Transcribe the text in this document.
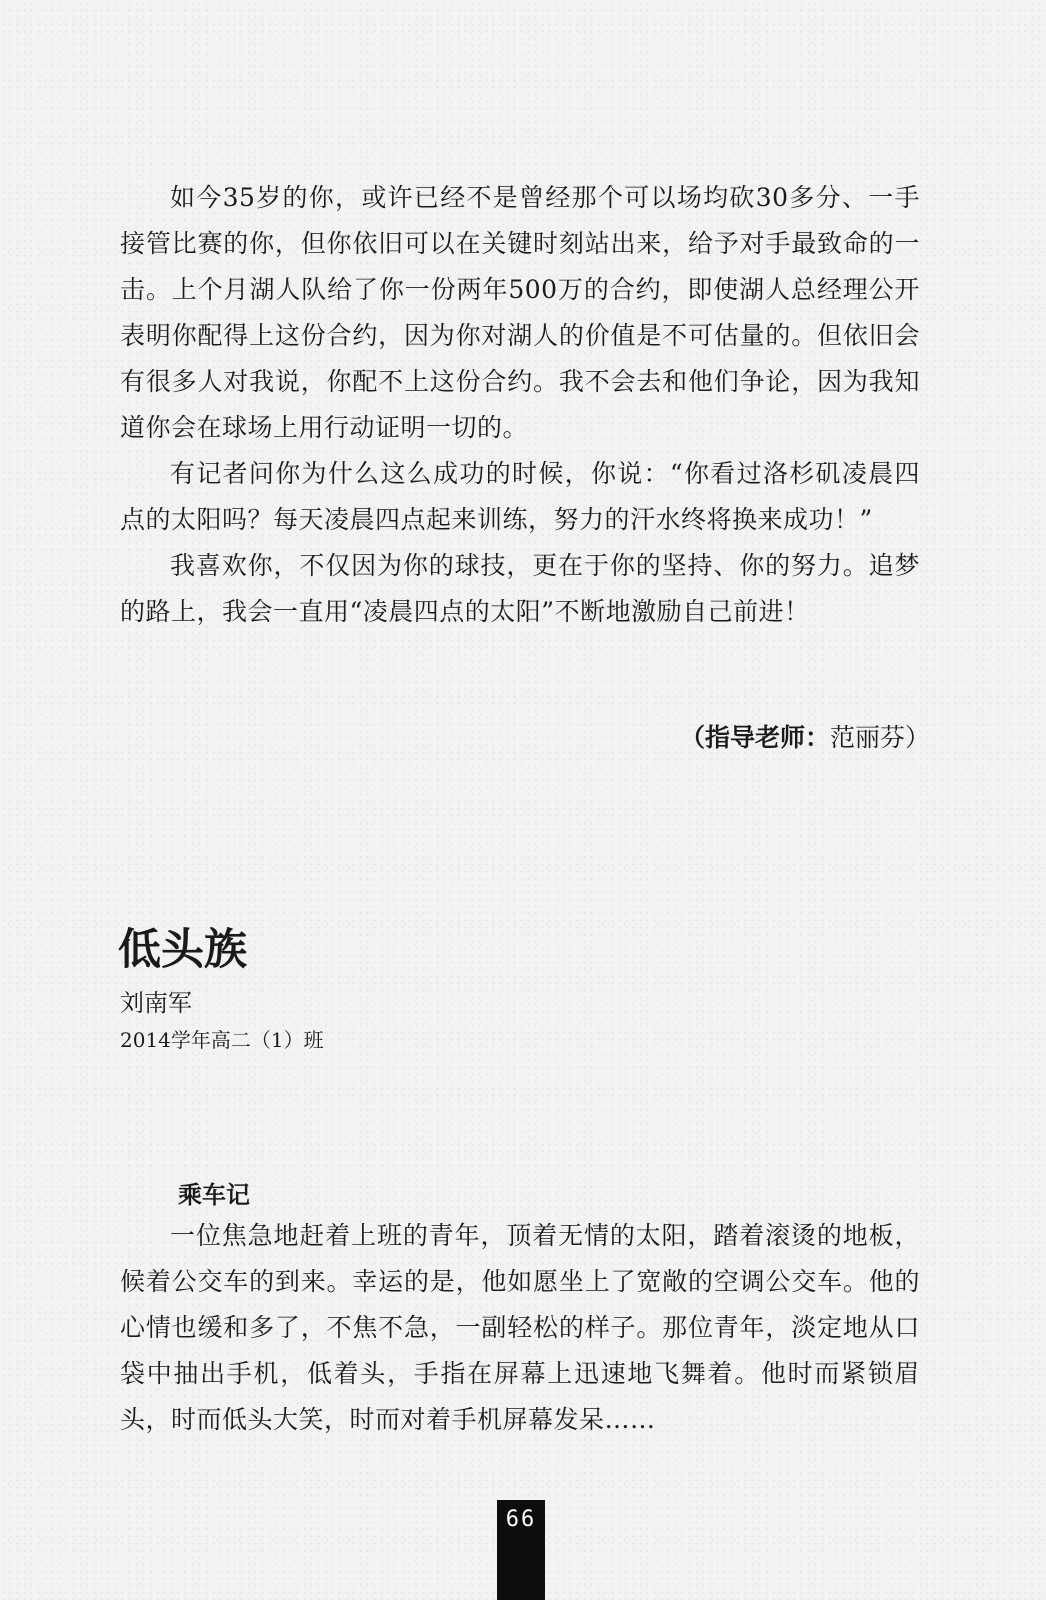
如今35岁的你，或许已经不是曾经那个可以场均砍30多分、一手接管比赛的你，但你依旧可以在关键时刻站出来，给予对手最致命的一击。上个月湖人队给了你一份两年500万的合约，即使湖人总经理公开表明你配得上这份合约，因为你对湖人的价值是不可估量的。但依旧会有很多人对我说，你配不上这份合约。我不会去和他们争论，因为我知道你会在球场上用行动证明一切的。

有记者问你为什么这么成功的时候，你说：“你看过洛杉矶凌晨四点的太阳吗？每天凌晨四点起来训练，努力的汗水终将换来成功！”

我喜欢你，不仅因为你的球技，更在于你的坚持、你的努力。追梦的路上，我会一直用“凌晨四点的太阳”不断地激励自己前进！

（指导老师：范丽芬）
低头族
刘南军
2014学年高二（1）班
乘车记

一位焦急地赶着上班的青年，顶着无情的太阳，踏着滚烫的地板，候着公交车的到来。幸运的是，他如愿坐上了宽敞的空调公交车。他的心情也缓和多了，不焦不急，一副轻松的样子。那位青年，淡定地从口袋中抽出手机，低着头，手指在屏幕上迅速地飞舞着。他时而紧锁眉头，时而低头大笑，时而对着手机屏幕发呆……

66
